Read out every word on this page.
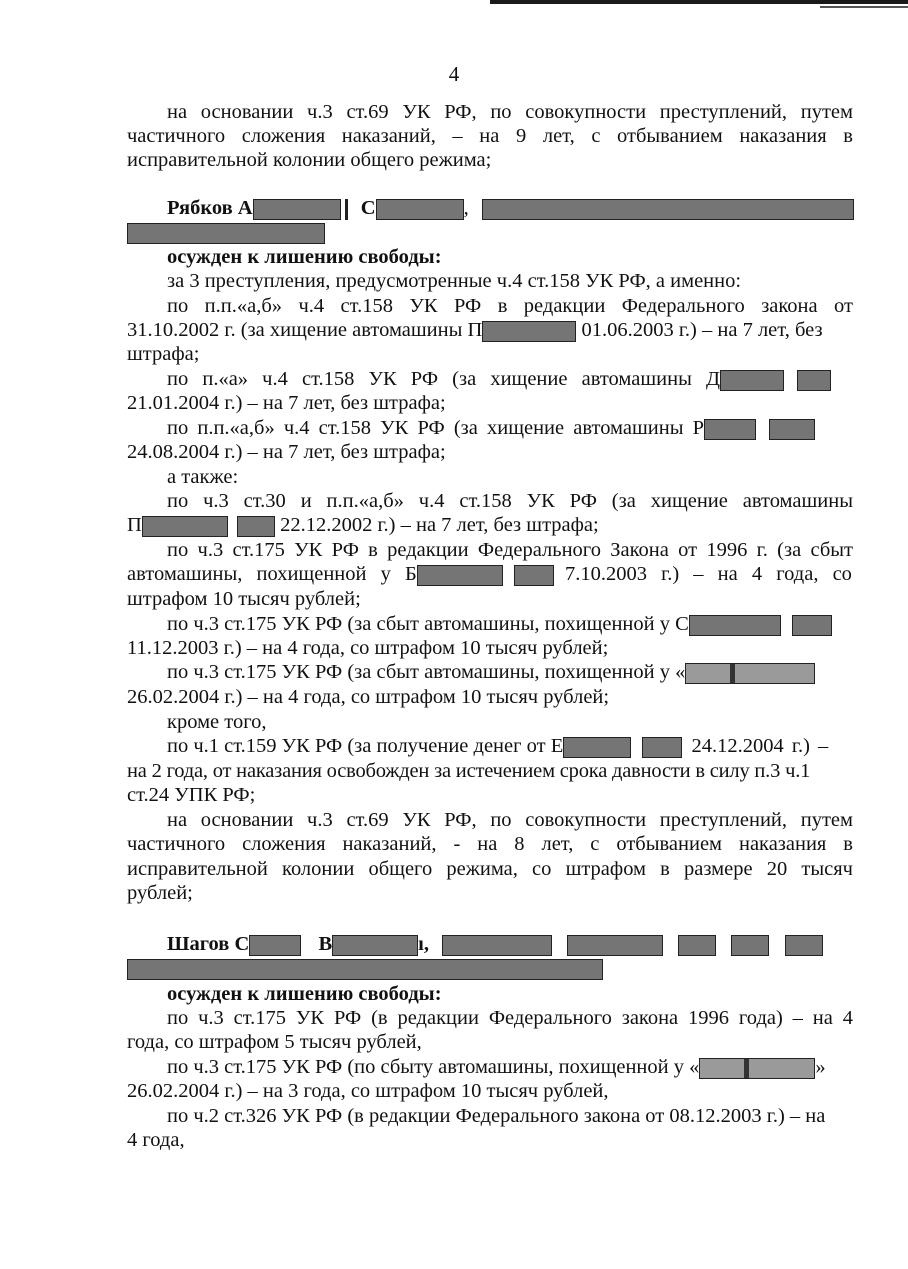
4
на основании ч.3 ст.69 УК РФ, по совокупности преступлений, путем
частичного сложения наказаний, – на 9 лет, с отбыванием наказания в
исправительной колонии общего режима;
Рябков А	С	,
осужден к лишению свободы:
за 3 преступления, предусмотренные ч.4 ст.158 УК РФ, а именно:
по п.п.«а,б» ч.4 ст.158 УК РФ в редакции Федерального закона от
31.10.2002 г. (за хищение автомашины П	01.06.2003 г.) – на 7 лет, без
штрафа;
по п.«а» ч.4 ст.158 УК РФ (за хищение автомашины Д
21.01.2004 г.) – на 7 лет, без штрафа;
по п.п.«а,б» ч.4 ст.158 УК РФ (за хищение автомашины Р
24.08.2004 г.) – на 7 лет, без штрафа;
а также:
по ч.3 ст.30 и п.п.«а,б» ч.4 ст.158 УК РФ (за хищение автомашины
П	22.12.2002 г.) – на 7 лет, без штрафа;
по ч.3 ст.175 УК РФ в редакции Федерального Закона от 1996 г. (за сбыт
автомашины, похищенной у Б	7.10.2003 г.) – на 4 года, со
штрафом 10 тысяч рублей;
по ч.3 ст.175 УК РФ (за сбыт автомашины, похищенной у С
11.12.2003 г.) – на 4 года, со штрафом 10 тысяч рублей;
по ч.3 ст.175 УК РФ (за сбыт автомашины, похищенной у «
26.02.2004 г.) – на 4 года, со штрафом 10 тысяч рублей;
кроме того,
по ч.1 ст.159 УК РФ (за получение денег от Е	24.12.2004 г.) –
на 2 года, от наказания освобожден за истечением срока давности в силу п.3 ч.1
ст.24 УПК РФ;
на основании ч.3 ст.69 УК РФ, по совокупности преступлений, путем
частичного сложения наказаний, - на 8 лет, с отбыванием наказания в
исправительной колонии общего режима, со штрафом в размере 20 тысяч
рублей;
Шагов С	В	ı,
осужден к лишению свободы:
по ч.3 ст.175 УК РФ (в редакции Федерального закона 1996 года) – на 4
года, со штрафом 5 тысяч рублей,
по ч.3 ст.175 УК РФ (по сбыту автомашины, похищенной у «	»
26.02.2004 г.) – на 3 года, со штрафом 10 тысяч рублей,
по ч.2 ст.326 УК РФ (в редакции Федерального закона от 08.12.2003 г.) – на
4 года,
